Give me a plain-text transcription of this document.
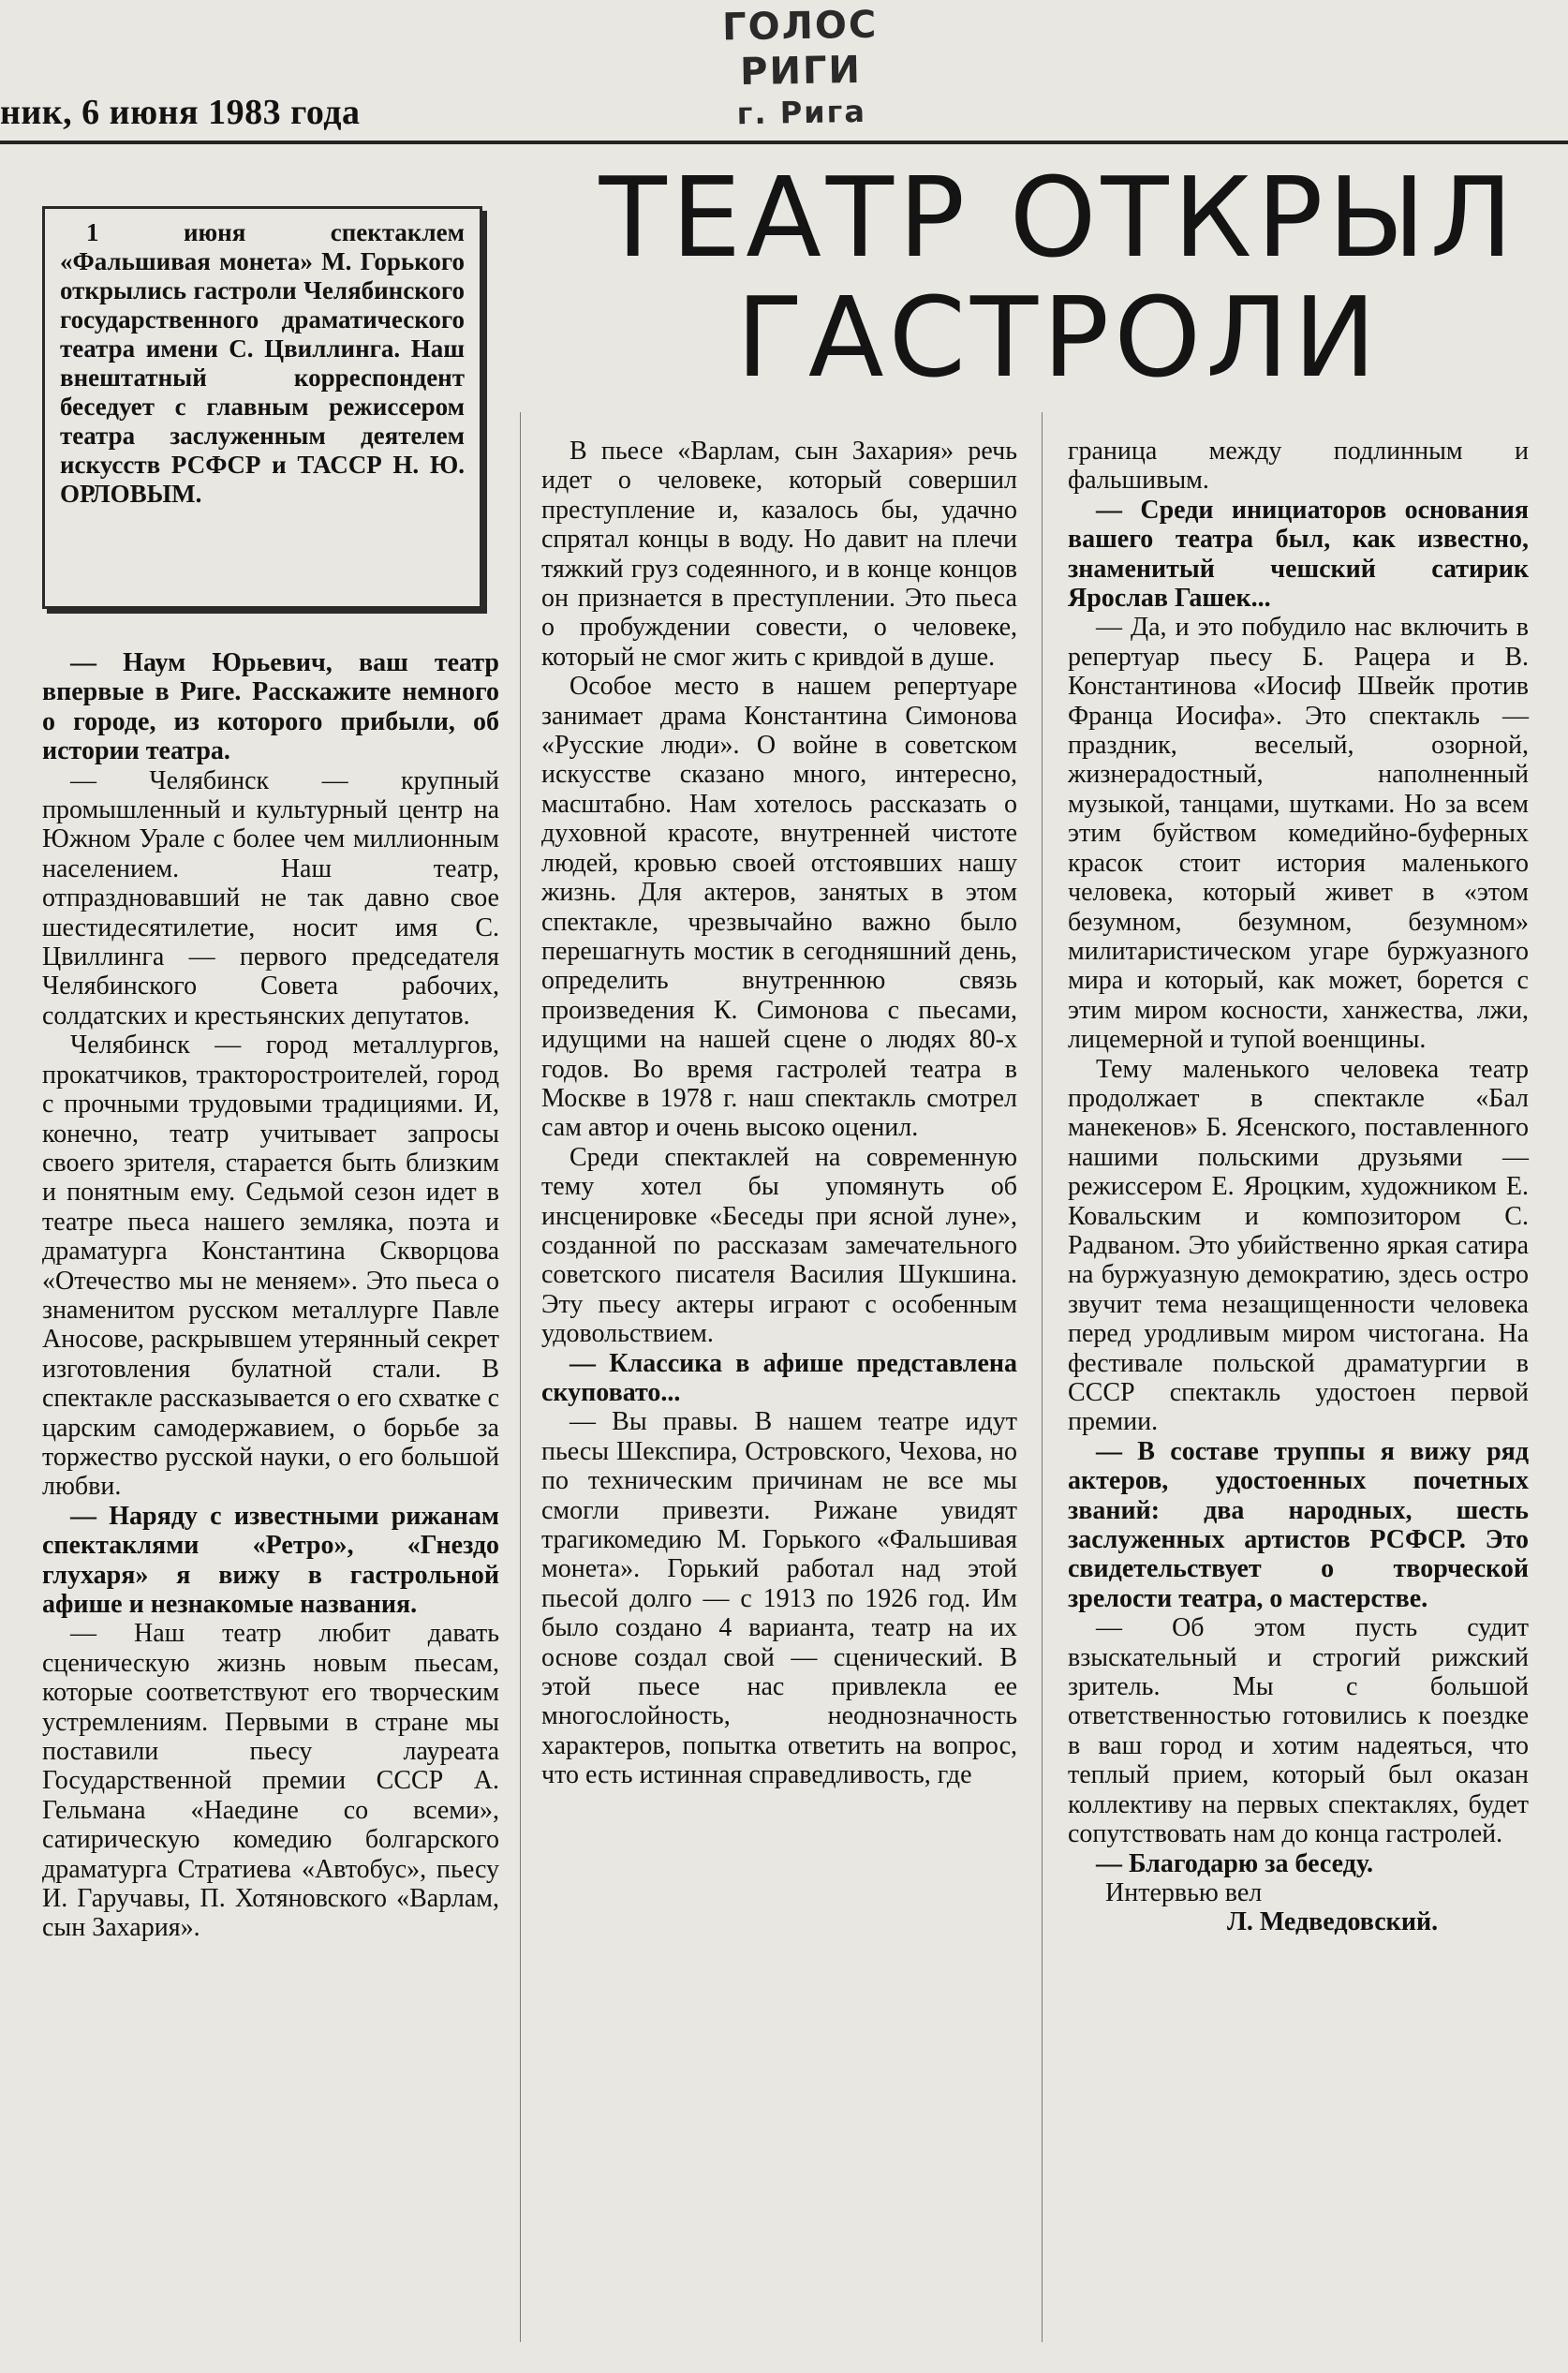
ГОЛОС РИГИ
г. Рига
ник, 6 июня 1983 года
ТЕАТР ОТКРЫЛ
ГАСТРОЛИ

1 июня спектаклем «Фальшивая монета» М. Горького открылись гастроли Челябинского государственного драматического театра имени С. Цвиллинга. Наш внештатный корреспондент беседует с главным режиссером театра заслуженным деятелем искусств РСФСР и ТАССР Н. Ю. ОРЛОВЫМ.

— Наум Юрьевич, ваш театр впервые в Риге. Расскажите немного о городе, из которого прибыли, об истории театра.

— Челябинск — крупный промышленный и культурный центр на Южном Урале с более чем миллионным населением. Наш театр, отпраздновавший не так давно свое шестидесятилетие, носит имя С. Цвиллинга — первого председателя Челябинского Совета рабочих, солдатских и крестьянских депутатов.

Челябинск — город металлургов, прокатчиков, тракторостроителей, город с прочными трудовыми традициями. И, конечно, театр учитывает запросы своего зрителя, старается быть близким и понятным ему. Седьмой сезон идет в театре пьеса нашего земляка, поэта и драматурга Константина Скворцова «Отечество мы не меняем». Это пьеса о знаменитом русском металлурге Павле Аносове, раскрывшем утерянный секрет изготовления булатной стали. В спектакле рассказывается о его схватке с царским самодержавием, о борьбе за торжество русской науки, о его большой любви.

— Наряду с известными рижанам спектаклями «Ретро», «Гнездо глухаря» я вижу в гастрольной афише и незнакомые названия.

— Наш театр любит давать сценическую жизнь новым пьесам, которые соответствуют его творческим устремлениям. Первыми в стране мы поставили пьесу лауреата Государственной премии СССР А. Гельмана «Наедине со всеми», сатирическую комедию болгарского драматурга Стратиева «Автобус», пьесу И. Гаручавы, П. Хотяновского «Варлам, сын Захария».

В пьесе «Варлам, сын Захария» речь идет о человеке, который совершил преступление и, казалось бы, удачно спрятал концы в воду. Но давит на плечи тяжкий груз содеянного, и в конце концов он признается в преступлении. Это пьеса о пробуждении совести, о человеке, который не смог жить с кривдой в душе.

Особое место в нашем репертуаре занимает драма Константина Симонова «Русские люди». О войне в советском искусстве сказано много, интересно, масштабно. Нам хотелось рассказать о духовной красоте, внутренней чистоте людей, кровью своей отстоявших нашу жизнь. Для актеров, занятых в этом спектакле, чрезвычайно важно было перешагнуть мостик в сегодняшний день, определить внутреннюю связь произведения К. Симонова с пьесами, идущими на нашей сцене о людях 80-х годов. Во время гастролей театра в Москве в 1978 г. наш спектакль смотрел сам автор и очень высоко оценил.

Среди спектаклей на современную тему хотел бы упомянуть об инсценировке «Беседы при ясной луне», созданной по рассказам замечательного советского писателя Василия Шукшина. Эту пьесу актеры играют с особенным удовольствием.

— Классика в афише представлена скуповато...

— Вы правы. В нашем театре идут пьесы Шекспира, Островского, Чехова, но по техническим причинам не все мы смогли привезти. Рижане увидят трагикомедию М. Горького «Фальшивая монета». Горький работал над этой пьесой долго — с 1913 по 1926 год. Им было создано 4 варианта, театр на их основе создал свой — сценический. В этой пьесе нас привлекла ее многослойность, неоднозначность характеров, попытка ответить на вопрос, что есть истинная справедливость, где

граница между подлинным и фальшивым.

— Среди инициаторов основания вашего театра был, как известно, знаменитый чешский сатирик Ярослав Гашек...

— Да, и это побудило нас включить в репертуар пьесу Б. Рацера и В. Константинова «Иосиф Швейк против Франца Иосифа». Это спектакль — праздник, веселый, озорной, жизнерадостный, наполненный музыкой, танцами, шутками. Но за всем этим буйством комедийно-буферных красок стоит история маленького человека, который живет в «этом безумном, безумном, безумном» милитаристическом угаре буржуазного мира и который, как может, борется с этим миром косности, ханжества, лжи, лицемерной и тупой военщины.

Тему маленького человека театр продолжает в спектакле «Бал манекенов» Б. Ясенского, поставленного нашими польскими друзьями — режиссером Е. Яроцким, художником Е. Ковальским и композитором С. Радваном. Это убийственно яркая сатира на буржуазную демократию, здесь остро звучит тема незащищенности человека перед уродливым миром чистогана. На фестивале польской драматургии в СССР спектакль удостоен первой премии.

— В составе труппы я вижу ряд актеров, удостоенных почетных званий: два народных, шесть заслуженных артистов РСФСР. Это свидетельствует о творческой зрелости театра, о мастерстве.

— Об этом пусть судит взыскательный и строгий рижский зритель. Мы с большой ответственностью готовились к поездке в ваш город и хотим надеяться, что теплый прием, который был оказан коллективу на первых спектаклях, будет сопутствовать нам до конца гастролей.

— Благодарю за беседу.

Интервью вел
Л. Медведовский.
